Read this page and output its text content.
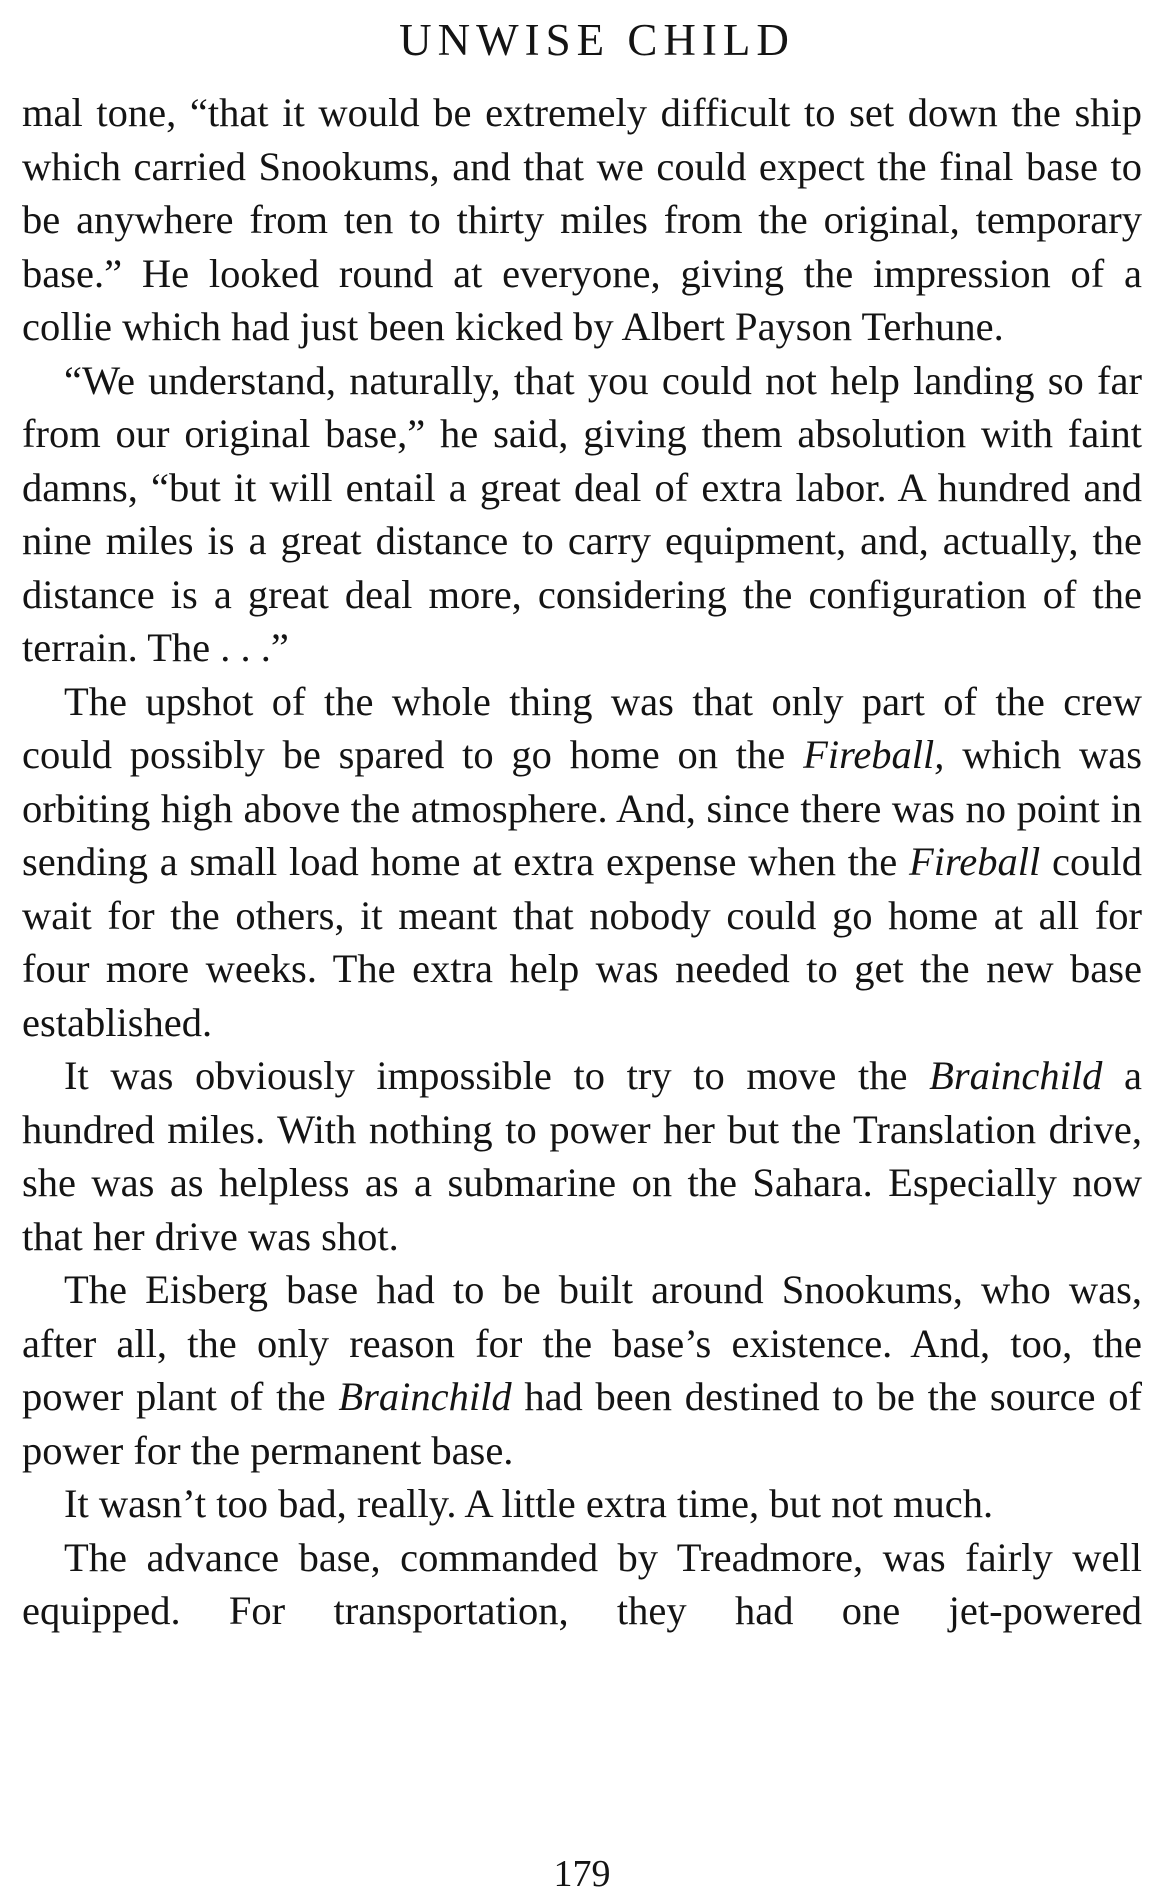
UNWISE CHILD

mal tone, “that it would be extremely difficult to set down the ship which carried Snookums, and that we could expect the final base to be anywhere from ten to thirty miles from the original, temporary base.” He looked round at everyone, giving the impression of a collie which had just been kicked by Albert Payson Terhune.

“We understand, naturally, that you could not help landing so far from our original base,” he said, giving them absolution with faint damns, “but it will entail a great deal of extra labor. A hundred and nine miles is a great distance to carry equipment, and, actually, the distance is a great deal more, considering the configuration of the terrain. The . . .”

The upshot of the whole thing was that only part of the crew could possibly be spared to go home on the Fireball, which was orbiting high above the atmosphere. And, since there was no point in sending a small load home at extra expense when the Fireball could wait for the others, it meant that nobody could go home at all for four more weeks. The extra help was needed to get the new base established.

It was obviously impossible to try to move the Brainchild a hundred miles. With nothing to power her but the Translation drive, she was as helpless as a submarine on the Sahara. Especially now that her drive was shot.

The Eisberg base had to be built around Snookums, who was, after all, the only reason for the base’s existence. And, too, the power plant of the Brainchild had been destined to be the source of power for the permanent base.

It wasn’t too bad, really. A little extra time, but not much.

The advance base, commanded by Treadmore, was fairly well equipped. For transportation, they had one jet-powered

179
